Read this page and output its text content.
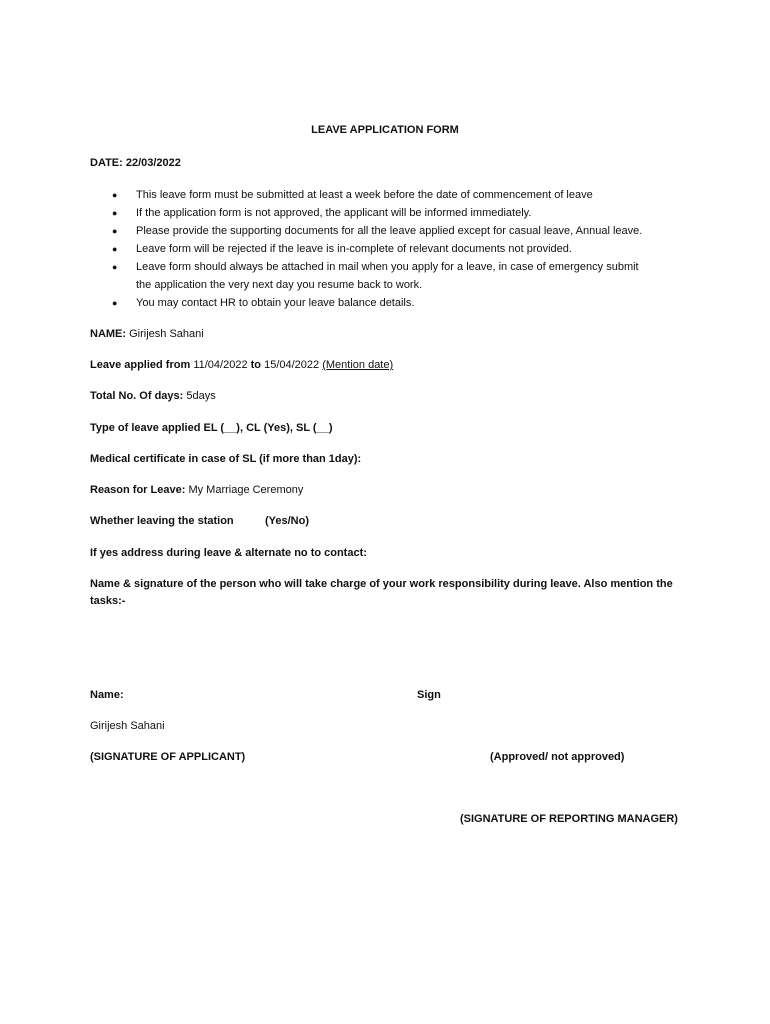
LEAVE APPLICATION FORM
DATE: 22/03/2022
● This leave form must be submitted at least a week before the date of commencement of leave
● If the application form is not approved, the applicant will be informed immediately.
● Please provide the supporting documents for all the leave applied except for casual leave, Annual leave.
● Leave form will be rejected if the leave is in-complete of relevant documents not provided.
● Leave form should always be attached in mail when you apply for a leave, in case of emergency submit
the application the very next day you resume back to work.
● You may contact HR to obtain your leave balance details.
NAME: Girijesh Sahani
Leave applied from 11/04/2022 to 15/04/2022 (Mention date)
Total No. Of days: 5days
Type of leave applied EL (__), CL (Yes), SL (__)
Medical certificate in case of SL (if more than 1day):
Reason for Leave: My Marriage Ceremony
Whether leaving the station	(Yes/No)
If yes address during leave & alternate no to contact:
Name & signature of the person who will take charge of your work responsibility during leave. Also mention the
tasks:-
Name:	Sign
Girijesh Sahani
(SIGNATURE OF APPLICANT)	(Approved/ not approved)
(SIGNATURE OF REPORTING MANAGER)
